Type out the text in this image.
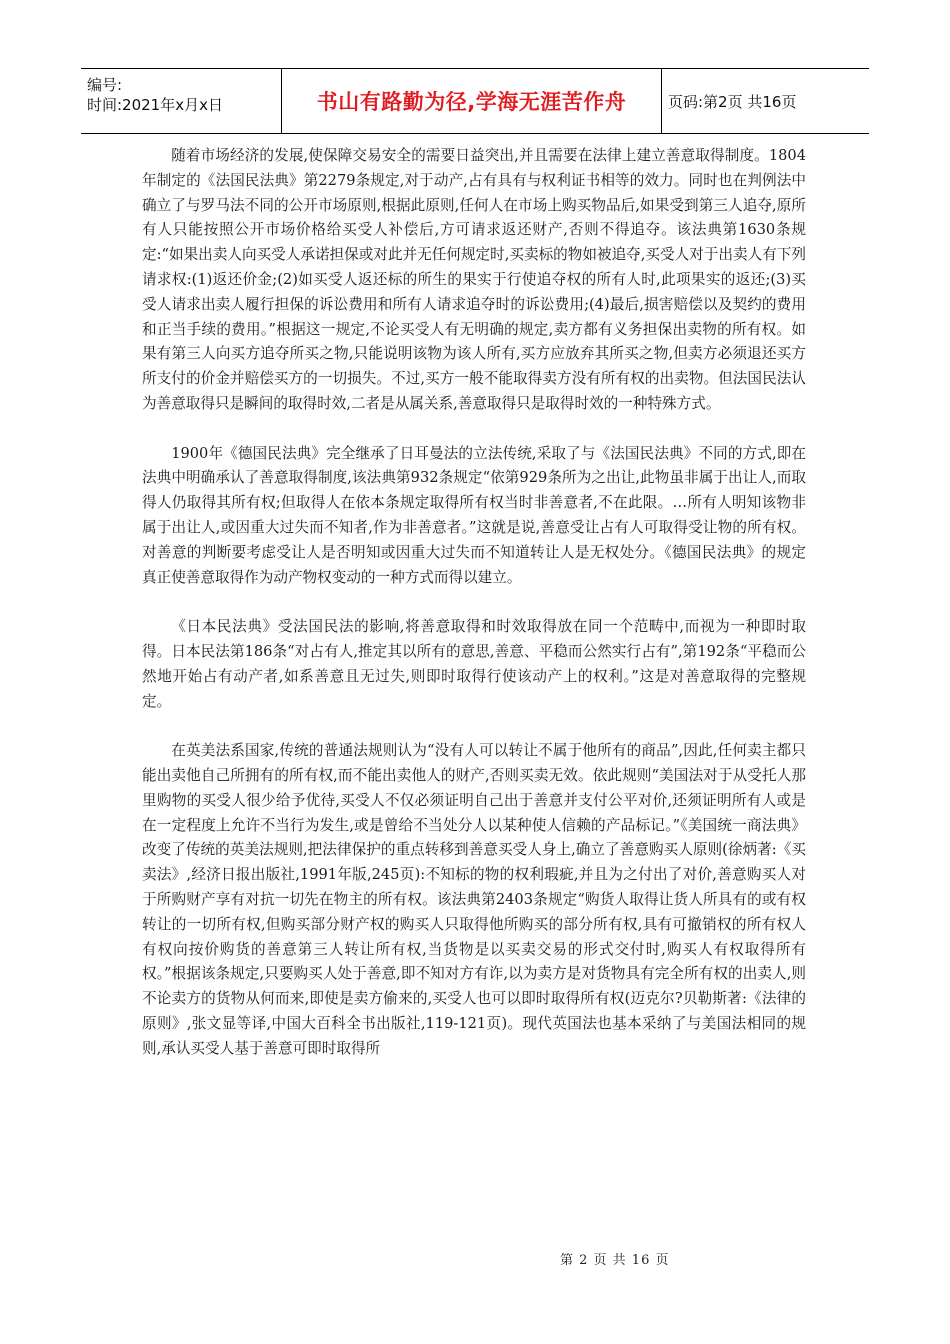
编号:
时间:2021年x月x日	书山有路勤为径,学海无涯苦作舟	页码:第2页 共16页

随着市场经济的发展,使保障交易安全的需要日益突出,并且需要在法律上建立善意取得制度。1804年制定的《法国民法典》第2279条规定,对于动产,占有具有与权利证书相等的效力。同时也在判例法中确立了与罗马法不同的公开市场原则,根据此原则,任何人在市场上购买物品后,如果受到第三人追夺,原所有人只能按照公开市场价格给买受人补偿后,方可请求返还财产,否则不得追夺。该法典第1630条规定:“如果出卖人向买受人承诺担保或对此并无任何规定时,买卖标的物如被追夺,买受人对于出卖人有下列请求权:(1)返还价金;(2)如买受人返还标的所生的果实于行使追夺权的所有人时,此项果实的返还;(3)买受人请求出卖人履行担保的诉讼费用和所有人请求追夺时的诉讼费用;(4)最后,损害赔偿以及契约的费用和正当手续的费用。”根据这一规定,不论买受人有无明确的规定,卖方都有义务担保出卖物的所有权。如果有第三人向买方追夺所买之物,只能说明该物为该人所有,买方应放弃其所买之物,但卖方必须退还买方所支付的价金并赔偿买方的一切损失。不过,买方一般不能取得卖方没有所有权的出卖物。但法国民法认为善意取得只是瞬间的取得时效,二者是从属关系,善意取得只是取得时效的一种特殊方式。

1900年《德国民法典》完全继承了日耳曼法的立法传统,采取了与《法国民法典》不同的方式,即在法典中明确承认了善意取得制度,该法典第932条规定“依第929条所为之出让,此物虽非属于出让人,而取得人仍取得其所有权;但取得人在依本条规定取得所有权当时非善意者,不在此限。…所有人明知该物非属于出让人,或因重大过失而不知者,作为非善意者。”这就是说,善意受让占有人可取得受让物的所有权。对善意的判断要考虑受让人是否明知或因重大过失而不知道转让人是无权处分。《德国民法典》的规定真正使善意取得作为动产物权变动的一种方式而得以建立。

《日本民法典》受法国民法的影响,将善意取得和时效取得放在同一个范畴中,而视为一种即时取得。日本民法第186条“对占有人,推定其以所有的意思,善意、平稳而公然实行占有”,第192条“平稳而公然地开始占有动产者,如系善意且无过失,则即时取得行使该动产上的权利。”这是对善意取得的完整规定。

在英美法系国家,传统的普通法规则认为“没有人可以转让不属于他所有的商品”,因此,任何卖主都只能出卖他自己所拥有的所有权,而不能出卖他人的财产,否则买卖无效。依此规则“美国法对于从受托人那里购物的买受人很少给予优待,买受人不仅必须证明自己出于善意并支付公平对价,还须证明所有人或是在一定程度上允许不当行为发生,或是曾给不当处分人以某种使人信赖的产品标记。”《美国统一商法典》改变了传统的英美法规则,把法律保护的重点转移到善意买受人身上,确立了善意购买人原则(徐炳著:《买卖法》,经济日报出版社,1991年版,245页):不知标的物的权利瑕疵,并且为之付出了对价,善意购买人对于所购财产享有对抗一切先在物主的所有权。该法典第2403条规定“购货人取得让货人所具有的或有权转让的一切所有权,但购买部分财产权的购买人只取得他所购买的部分所有权,具有可撤销权的所有权人有权向按价购货的善意第三人转让所有权,当货物是以买卖交易的形式交付时,购买人有权取得所有权。”根据该条规定,只要购买人处于善意,即不知对方有诈,以为卖方是对货物具有完全所有权的出卖人,则不论卖方的货物从何而来,即使是卖方偷来的,买受人也可以即时取得所有权(迈克尔?贝勒斯著:《法律的原则》,张文显等译,中国大百科全书出版社,119-121页)。现代英国法也基本采纳了与美国法相同的规则,承认买受人基于善意可即时取得所

第 2 页 共 16 页
